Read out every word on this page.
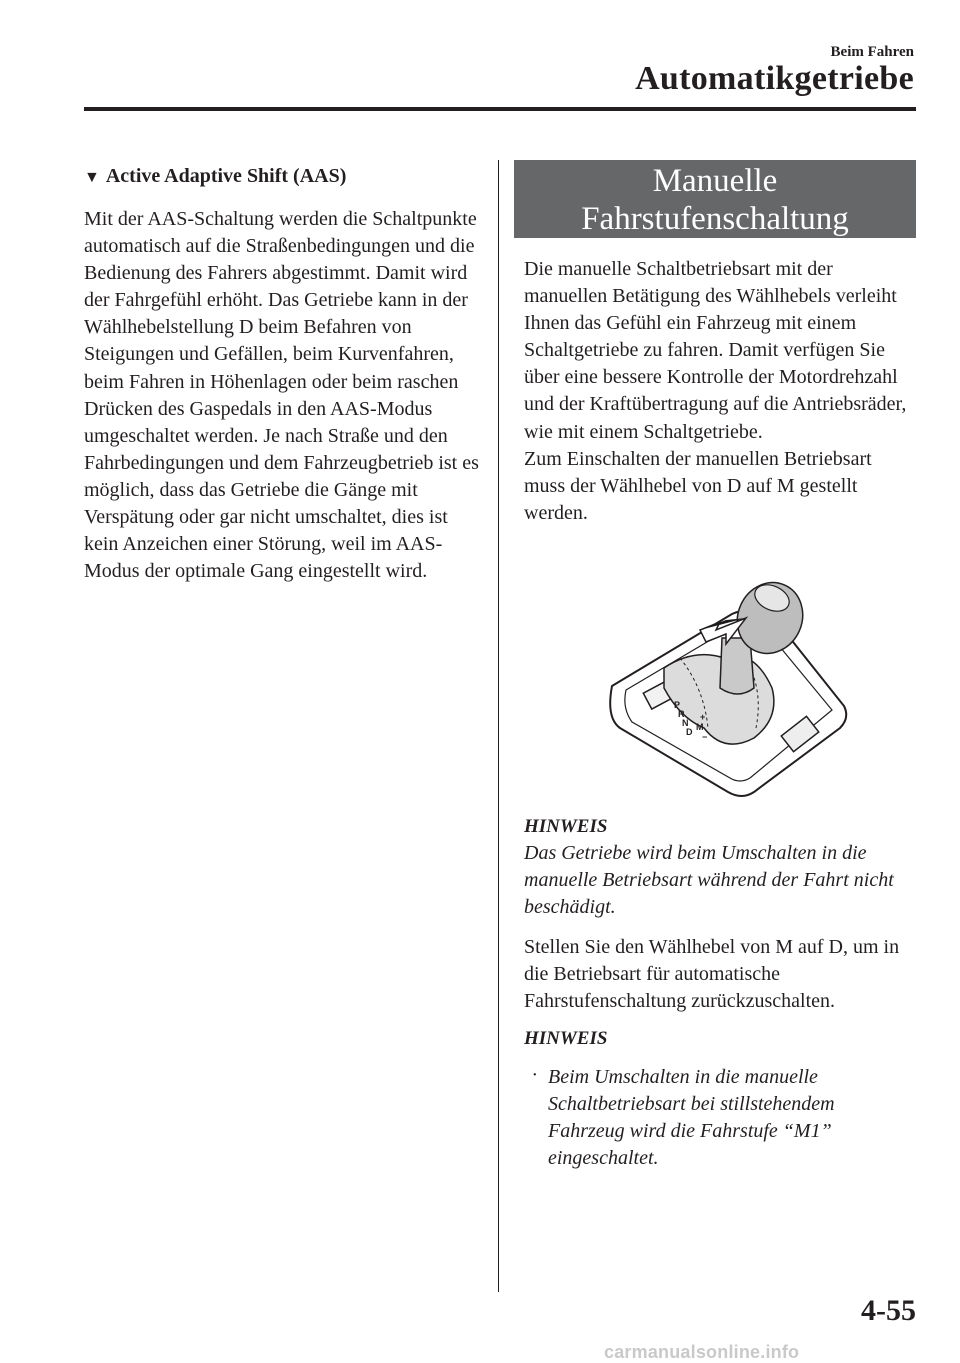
Beim Fahren
Automatikgetriebe
▼ Active Adaptive Shift (AAS)

Mit der AAS-Schaltung werden die Schaltpunkte automatisch auf die Straßenbedingungen und die Bedienung des Fahrers abgestimmt. Damit wird der Fahrgefühl erhöht. Das Getriebe kann in der Wählhebelstellung D beim Befahren von Steigungen und Gefällen, beim Kurvenfahren, beim Fahren in Höhenlagen oder beim raschen Drücken des Gaspedals in den AAS-Modus umgeschaltet werden. Je nach Straße und den Fahrbedingungen und dem Fahrzeugbetrieb ist es möglich, dass das Getriebe die Gänge mit Verspätung oder gar nicht umschaltet, dies ist kein Anzeichen einer Störung, weil im AAS-Modus der optimale Gang eingestellt wird.

Manuelle
Fahrstufenschaltung

Die manuelle Schaltbetriebsart mit der manuellen Betätigung des Wählhebels verleiht Ihnen das Gefühl ein Fahrzeug mit einem Schaltgetriebe zu fahren. Damit verfügen Sie über eine bessere Kontrolle der Motordrehzahl und der Kraftübertragung auf die Antriebsräder, wie mit einem Schaltgetriebe.

Zum Einschalten der manuellen Betriebsart muss der Wählhebel von D auf M gestellt werden.

P
R
N
D M
+
−

HINWEIS

Das Getriebe wird beim Umschalten in die manuelle Betriebsart während der Fahrt nicht beschädigt.

Stellen Sie den Wählhebel von M auf D, um in die Betriebsart für automatische Fahrstufenschaltung zurückzuschalten.

HINWEIS

· Beim Umschalten in die manuelle Schaltbetriebsart bei stillstehendem Fahrzeug wird die Fahrstufe “M1” eingeschaltet.

4-55
carmanualsonline.info
